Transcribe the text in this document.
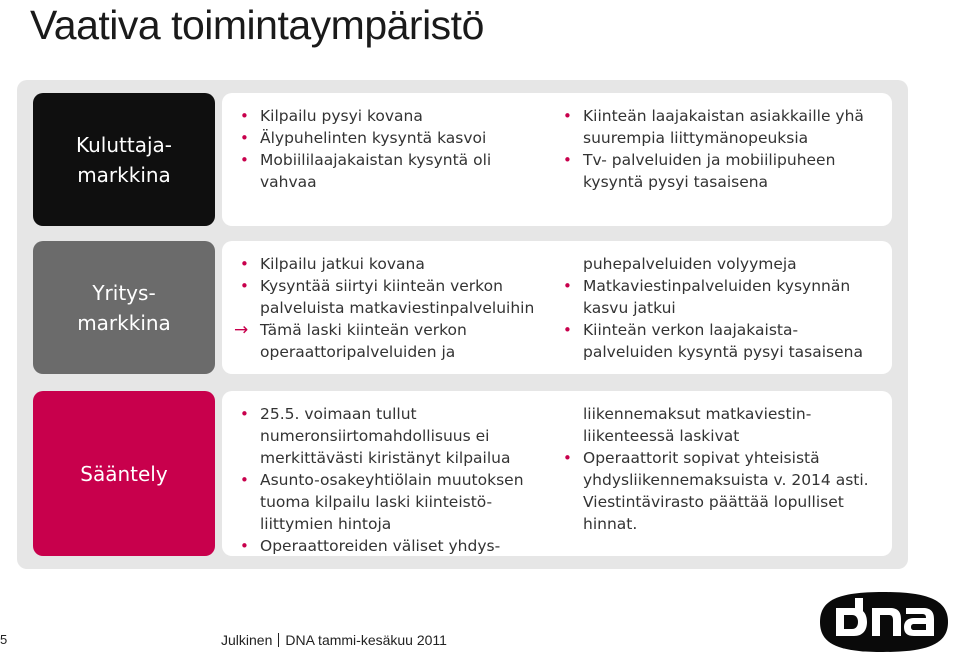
Vaativa toimintaympäristö
Kuluttaja-
markkina
• Kilpailu pysyi kovana
• Älypuhelinten kysyntä kasvoi
• Mobiililaajakaistan kysyntä oli
vahvaa
• Kiinteän laajakaistan asiakkaille yhä
suurempia liittymänopeuksia
• Tv- palveluiden ja mobiilipuheen
kysyntä pysyi tasaisena
Yritys-
markkina
• Kilpailu jatkui kovana
• Kysyntää siirtyi kiinteän verkon
palveluista matkaviestinpalveluihin
→ Tämä laski kiinteän verkon
operaattoripalveluiden ja
puhepalveluiden volyymeja
• Matkaviestinpalveluiden kysynnän
kasvu jatkui
• Kiinteän verkon laajakaista-
palveluiden kysyntä pysyi tasaisena
Sääntely
• 25.5. voimaan tullut
numeronsiirtomahdollisuus ei
merkittävästi kiristänyt kilpailua
• Asunto-osakeyhtiölain muutoksen
tuoma kilpailu laski kiinteistö-
liittymien hintoja
• Operaattoreiden väliset yhdys-
liikennemaksut matkaviestin-
liikenteessä laskivat
• Operaattorit sopivat yhteisistä
yhdysliikennemaksuista v. 2014 asti.
Viestintävirasto päättää lopulliset
hinnat.
5	Julkinen DNA tammi-kesäkuu 2011
